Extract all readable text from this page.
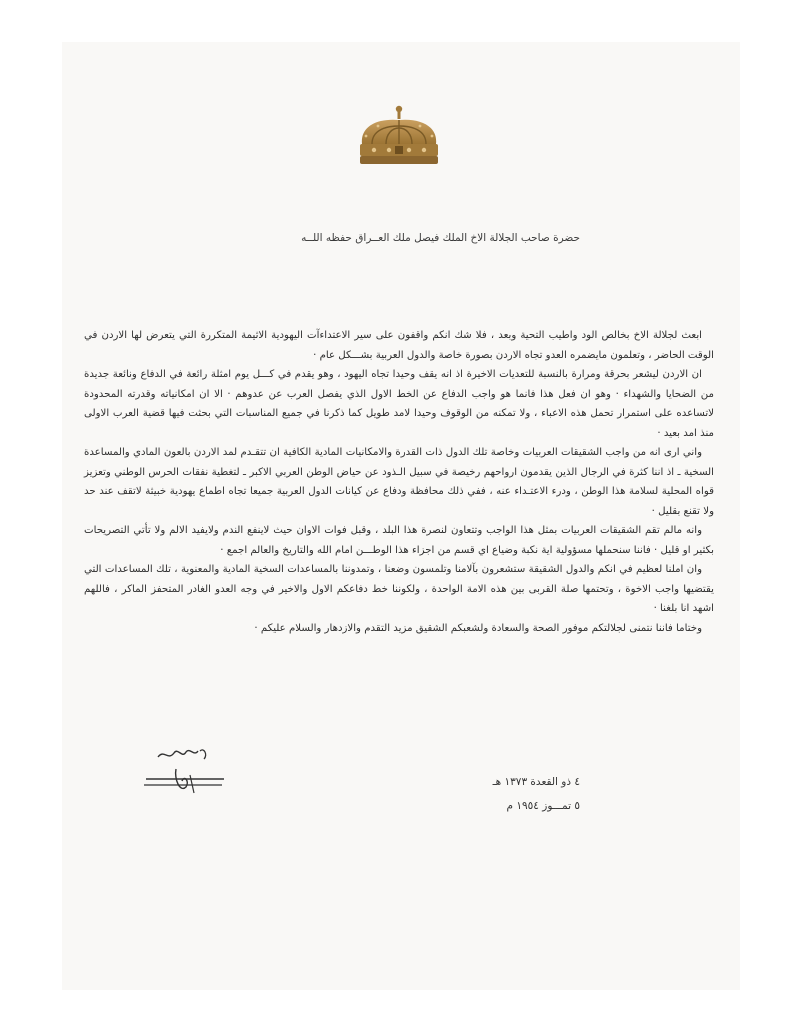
حضرة صاحب الجلالة الاخ الملك فيصل ملك العــراق حفظه اللــه

ابعث لجلالة الاخ بخالص الود واطيب التحية وبعد ، فلا شك انكم واقفون على سير الاعتداءآت اليهودية الاثيمة المتكررة التي يتعرض لها الاردن في الوقت الحاضر ، وتعلمون مايضمره العدو تجاه الاردن بصورة خاصة والدول العربية بشـــكل عام ·

ان الاردن ليشعر بحرقة ومرارة بالنسبة للتعديات الاخيرة اذ انه يقف وحيدا تجاه اليهود ، وهو يقدم في كـــل يوم امثلة رائعة في الدفاع ونائعة جديدة من الضحايا والشهداء · وهو ان فعل هذا فانما هو واجب الدفاع عن الخط الاول الذي يفصل العرب عن عدوهم · الا ان امكانياته وقدرته المحدودة لاتساعده على استمرار تحمل هذه الاعباء ، ولا تمكنه من الوقوف وحيدا لامد طويل كما ذكرنا في جميع المناسبات التي بحثت فيها قضية العرب الاولى منذ امد بعيد ·

واني ارى انه من واجب الشقيقات العربيات وخاصة تلك الدول ذات القدرة والامكانيات المادية الكافية ان تتقـدم لمد الاردن بالعون المادي والمساعدة السخية ـ اذ اننا كثرة في الرجال الذين يقدمون ارواحهم رخيصة في سبيل الـذود عن حياض الوطن العربي الاكبر ـ لتغطية نفقات الحرس الوطني وتعزيز قواه المحلية لسلامة هذا الوطن ، ودرء الاعتـداء عنه ، ففي ذلك محافظة ودفاع عن كيانات الدول العربية جميعا تجاه اطماع يهودية خبيثة لاتقف عند حد ولا تقنع بقليل ·

وانه مالم تقم الشقيقات العربيات بمثل هذا الواجب وتتعاون لنصرة هذا البلد ، وقبل فوات الاوان حيث لاينفع الندم ولايفيد الالم ولا تأتي التصريحات بكثير او قليل · فاننا سنحملها مسؤولية اية نكبة وضياع اي قسم من اجزاء هذا الوطـــن امام الله والتاريخ والعالم اجمع ·

وان املنا لعظيم في انكم والدول الشقيقة ستشعرون بآلامنا وتلمسون وضعنا ، وتمدوننا بالمساعدات السخية المادية والمعنوية ، تلك المساعدات التي يقتضيها واجب الاخوة ، وتحتمها صلة القربى بين هذه الامة الواحدة ، ولكوننا خط دفاعكم الاول والاخير في وجه العدو الغادر المتحفز الماكر ، فاللهم اشهد انا بلغنا ·

وختاما فاننا نتمنى لجلالتكم موفور الصحة والسعادة ولشعبكم الشقيق مزيد التقدم والازدهار والسلام عليكم ·

٤ ذو القعدة ١٣٧٣ هـ
٥ تمـــوز ١٩٥٤ م
